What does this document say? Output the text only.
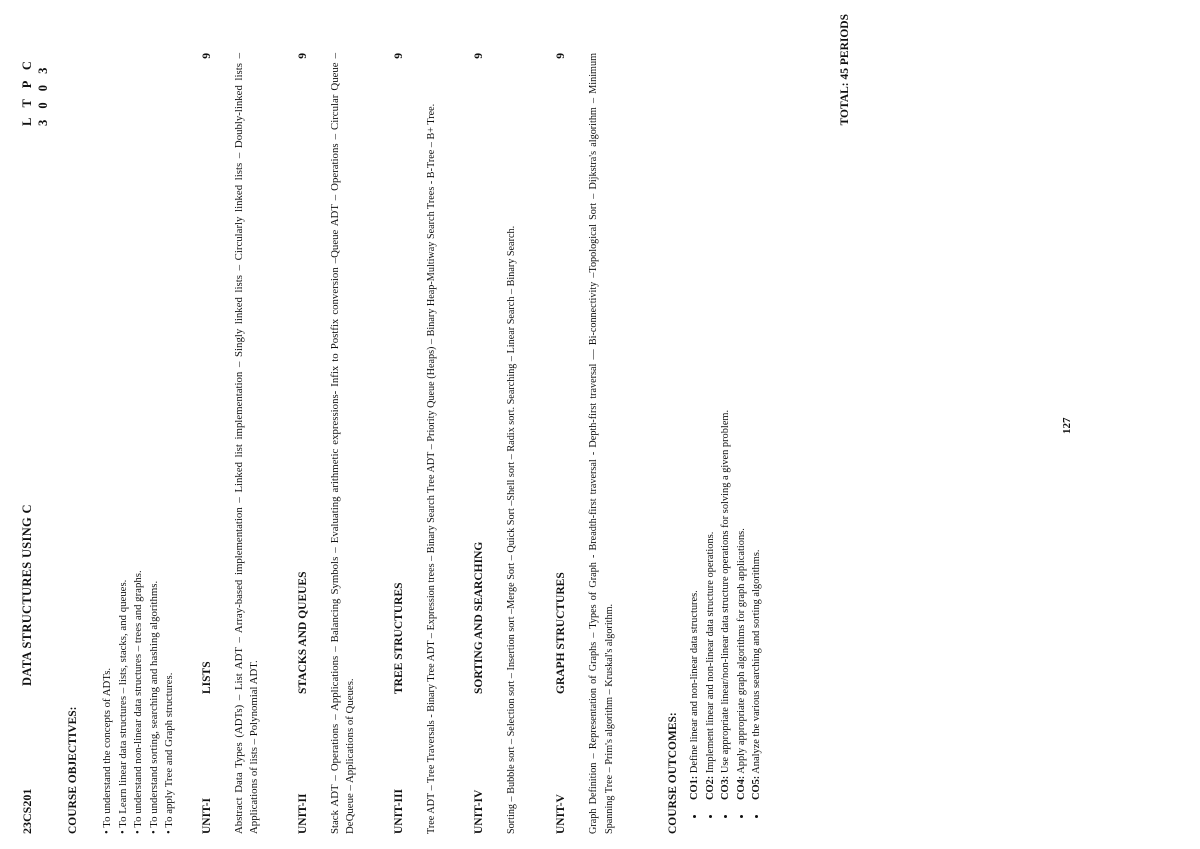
23CS201
DATA STRUCTURES USING C
L T P C 3 0 0 3
COURSE OBJECTIVES: • To understand the concepts of ADTs. • To Learn linear data structures – lists, stacks, and queues. • To understand non-linear data structures – trees and graphs. • To understand sorting, searching and hashing algorithms. • To apply Tree and Graph structures. UNIT-I
LISTS
9 Abstract Data Types (ADTs) – List ADT – Array-based implementation – Linked list implementation – Singly linked lists – Circularly linked lists – Doubly-linked lists – Applications of lists – Polynomial ADT.	UNIT-II
STACKS AND QUEUES
9 Stack ADT – Operations – Applications – Balancing Symbols – Evaluating arithmetic expressions- Infix to Postfix conversion –Queue ADT – Operations – Circular Queue – DeQueue – Applications of Queues.	UNIT-III
TREE STRUCTURES
9
Tree ADT – Tree Traversals - Binary Tree ADT – Expression trees – Binary Search Tree ADT – Priority Queue (Heaps) – Binary Heap-Multiway Search Trees - B-Tree – B+ Tree.	UNIT-IV
SORTING AND SEARCHING
9
Sorting – Bubble sort – Selection sort – Insertion sort –Merge Sort – Quick Sort –Shell sort – Radix sort. Searching – Linear Search – Binary Search.	UNIT-V
GRAPH STRUCTURES
9 Graph Definition – Representation of Graphs – Types of Graph - Breadth-first traversal - Depth-first traversal — Bi-connectivity –Topological Sort – Dijkstra's algorithm – Minimum Spanning Tree – Prim's algorithm – Kruskal's algorithm.	COURSE OUTCOMES:
• CO1: Define linear and non-linear data structures.
• CO2: Implement linear and non-linear data structure operations.
• CO3: Use appropriate linear/non-linear data structure operations for solving a given problem.
• CO4: Apply appropriate graph algorithms for graph applications.
• CO5: Analyze the various searching and sorting algorithms.
TOTAL: 45 PERIODS
127
